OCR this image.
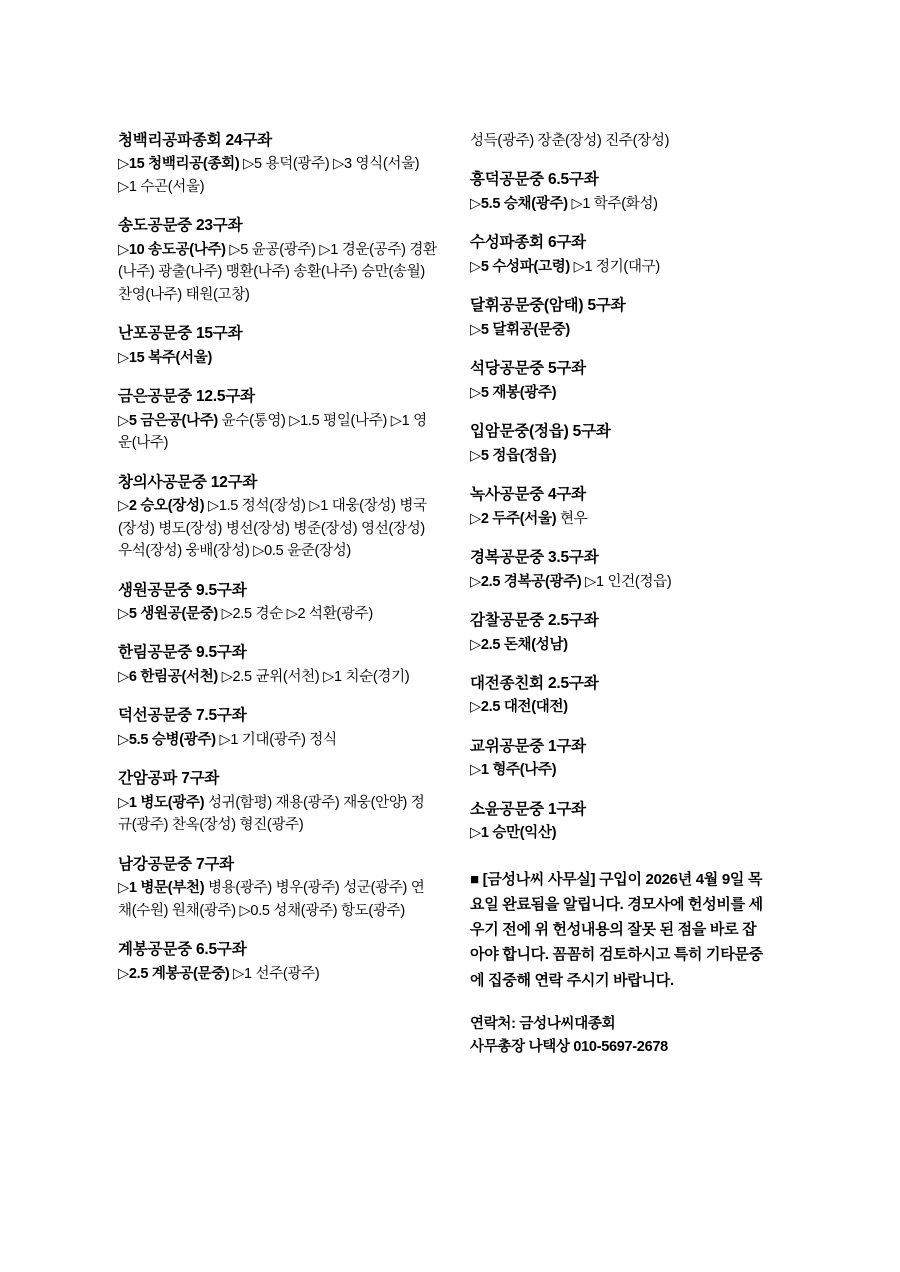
청백리공파종회 24구좌
▷15 청백리공(종회) ▷5 용덕(광주) ▷3 영식(서울) ▷1 수곤(서울)
송도공문중 23구좌
▷10 송도공(나주) ▷5 윤공(광주) ▷1 경운(공주) 경환(나주) 광출(나주) 맹환(나주) 송환(나주) 승만(송월) 찬영(나주) 태원(고창)
난포공문중 15구좌
▷15 복주(서울)
금은공문중 12.5구좌
▷5 금은공(나주) 윤수(통영) ▷1.5 평일(나주) ▷1 영운(나주)
창의사공문중 12구좌
▷2 승오(장성) ▷1.5 정석(장성) ▷1 대웅(장성) 병국(장성) 병도(장성) 병선(장성) 병준(장성) 영선(장성) 우석(장성) 웅배(장성) ▷0.5 윤준(장성)
생원공문중 9.5구좌
▷5 생원공(문중) ▷2.5 경순 ▷2 석환(광주)
한림공문중 9.5구좌
▷6 한림공(서천) ▷2.5 균위(서천) ▷1 치순(경기)
덕선공문중 7.5구좌
▷5.5 승병(광주) ▷1 기대(광주) 정식
간암공파 7구좌
▷1 병도(광주) 성귀(함평) 재용(광주) 재웅(안양) 정규(광주) 찬옥(장성) 형진(광주)
남강공문중 7구좌
▷1 병문(부천) 병용(광주) 병우(광주) 성군(광주) 연채(수원) 원채(광주) ▷0.5 성채(광주) 항도(광주)
계봉공문중 6.5구좌
▷2.5 계봉공(문중) ▷1 선주(광주)
성득(광주) 장춘(장성) 진주(장성)
흥덕공문중 6.5구좌
▷5.5 승채(광주) ▷1 학주(화성)
수성파종회 6구좌
▷5 수성파(고령) ▷1 정기(대구)
달휘공문중(암태) 5구좌
▷5 달휘공(문중)
석당공문중 5구좌
▷5 재봉(광주)
입암문중(정읍) 5구좌
▷5 정읍(정읍)
녹사공문중 4구좌
▷2 두주(서울) 현우
경복공문중 3.5구좌
▷2.5 경복공(광주) ▷1 인건(정읍)
감찰공문중 2.5구좌
▷2.5 돈채(성남)
대전종친회 2.5구좌
▷2.5 대전(대전)
교위공문중 1구좌
▷1 형주(나주)
소윤공문중 1구좌
▷1 승만(익산)
■ [금성나씨 사무실] 구입이 2026년 4월 9일 목요일 완료됨을 알립니다. 경모사에 헌성비를 세우기 전에 위 헌성내용의 잘못 된 점을 바로 잡아야 합니다. 꼼꼼히 검토하시고 특히 기타문중에 집중해 연락 주시기 바랍니다.
연락처: 금성나씨대종회
사무총장 나택상 010-5697-2678
